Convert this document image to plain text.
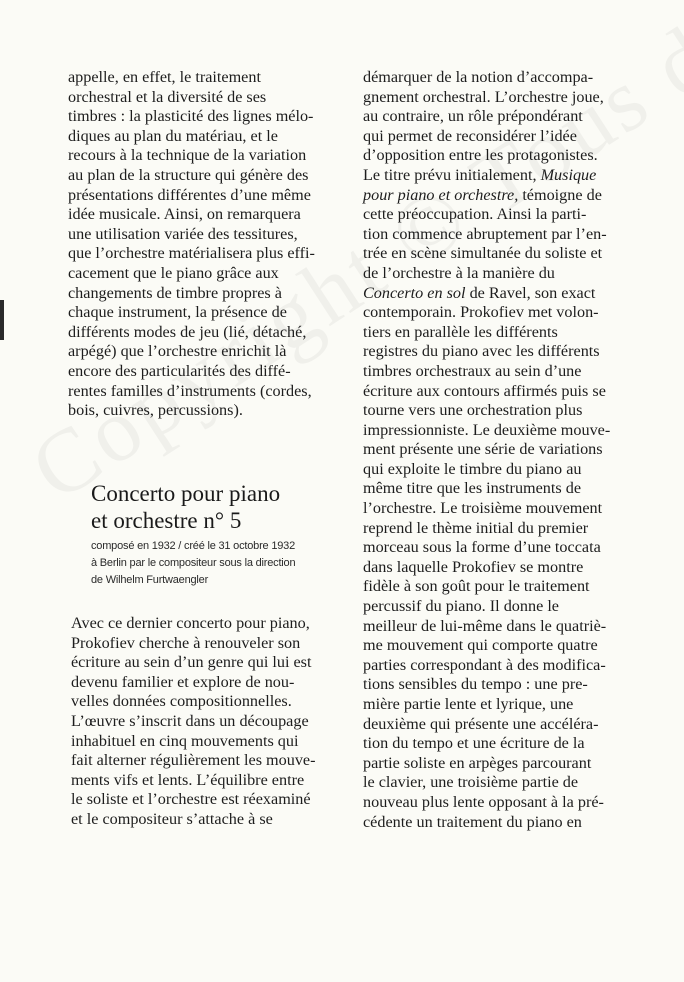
appelle, en effet, le traitement
orchestral et la diversité de ses
timbres : la plasticité des lignes mélo-
diques au plan du matériau, et le
recours à la technique de la variation
au plan de la structure qui génère des
présentations différentes d’une même
idée musicale. Ainsi, on remarquera
une utilisation variée des tessitures,
que l’orchestre matérialisera plus effi-
cacement que le piano grâce aux
changements de timbre propres à
chaque instrument, la présence de
différents modes de jeu (lié, détaché,
arpégé) que l’orchestre enrichit là
encore des particularités des diffé-
rentes familles d’instruments (cordes,
bois, cuivres, percussions).
Concerto pour piano
et orchestre n° 5
composé en 1932 / créé le 31 octobre 1932
à Berlin par le compositeur sous la direction
de Wilhelm Furtwaengler
Avec ce dernier concerto pour piano,
Prokofiev cherche à renouveler son
écriture au sein d’un genre qui lui est
devenu familier et explore de nou-
velles données compositionnelles.
L’œuvre s’inscrit dans un découpage
inhabituel en cinq mouvements qui
fait alterner régulièrement les mouve-
ments vifs et lents. L’équilibre entre
le soliste et l’orchestre est réexaminé
et le compositeur s’attache à se
démarquer de la notion d’accompa-
gnement orchestral. L’orchestre joue,
au contraire, un rôle prépondérant
qui permet de reconsidérer l’idée
d’opposition entre les protagonistes.
Le titre prévu initialement, Musique
pour piano et orchestre, témoigne de
cette préoccupation. Ainsi la parti-
tion commence abruptement par l’en-
trée en scène simultanée du soliste et
de l’orchestre à la manière du
Concerto en sol de Ravel, son exact
contemporain. Prokofiev met volon-
tiers en parallèle les différents
registres du piano avec les différents
timbres orchestraux au sein d’une
écriture aux contours affirmés puis se
tourne vers une orchestration plus
impressionniste. Le deuxième mouve-
ment présente une série de variations
qui exploite le timbre du piano au
même titre que les instruments de
l’orchestre. Le troisième mouvement
reprend le thème initial du premier
morceau sous la forme d’une toccata
dans laquelle Prokofiev se montre
fidèle à son goût pour le traitement
percussif du piano. Il donne le
meilleur de lui-même dans le quatriè-
me mouvement qui comporte quatre
parties correspondant à des modifica-
tions sensibles du tempo : une pre-
mière partie lente et lyrique, une
deuxième qui présente une accéléra-
tion du tempo et une écriture de la
partie soliste en arpèges parcourant
le clavier, une troisième partie de
nouveau plus lente opposant à la pré-
cédente un traitement du piano en
